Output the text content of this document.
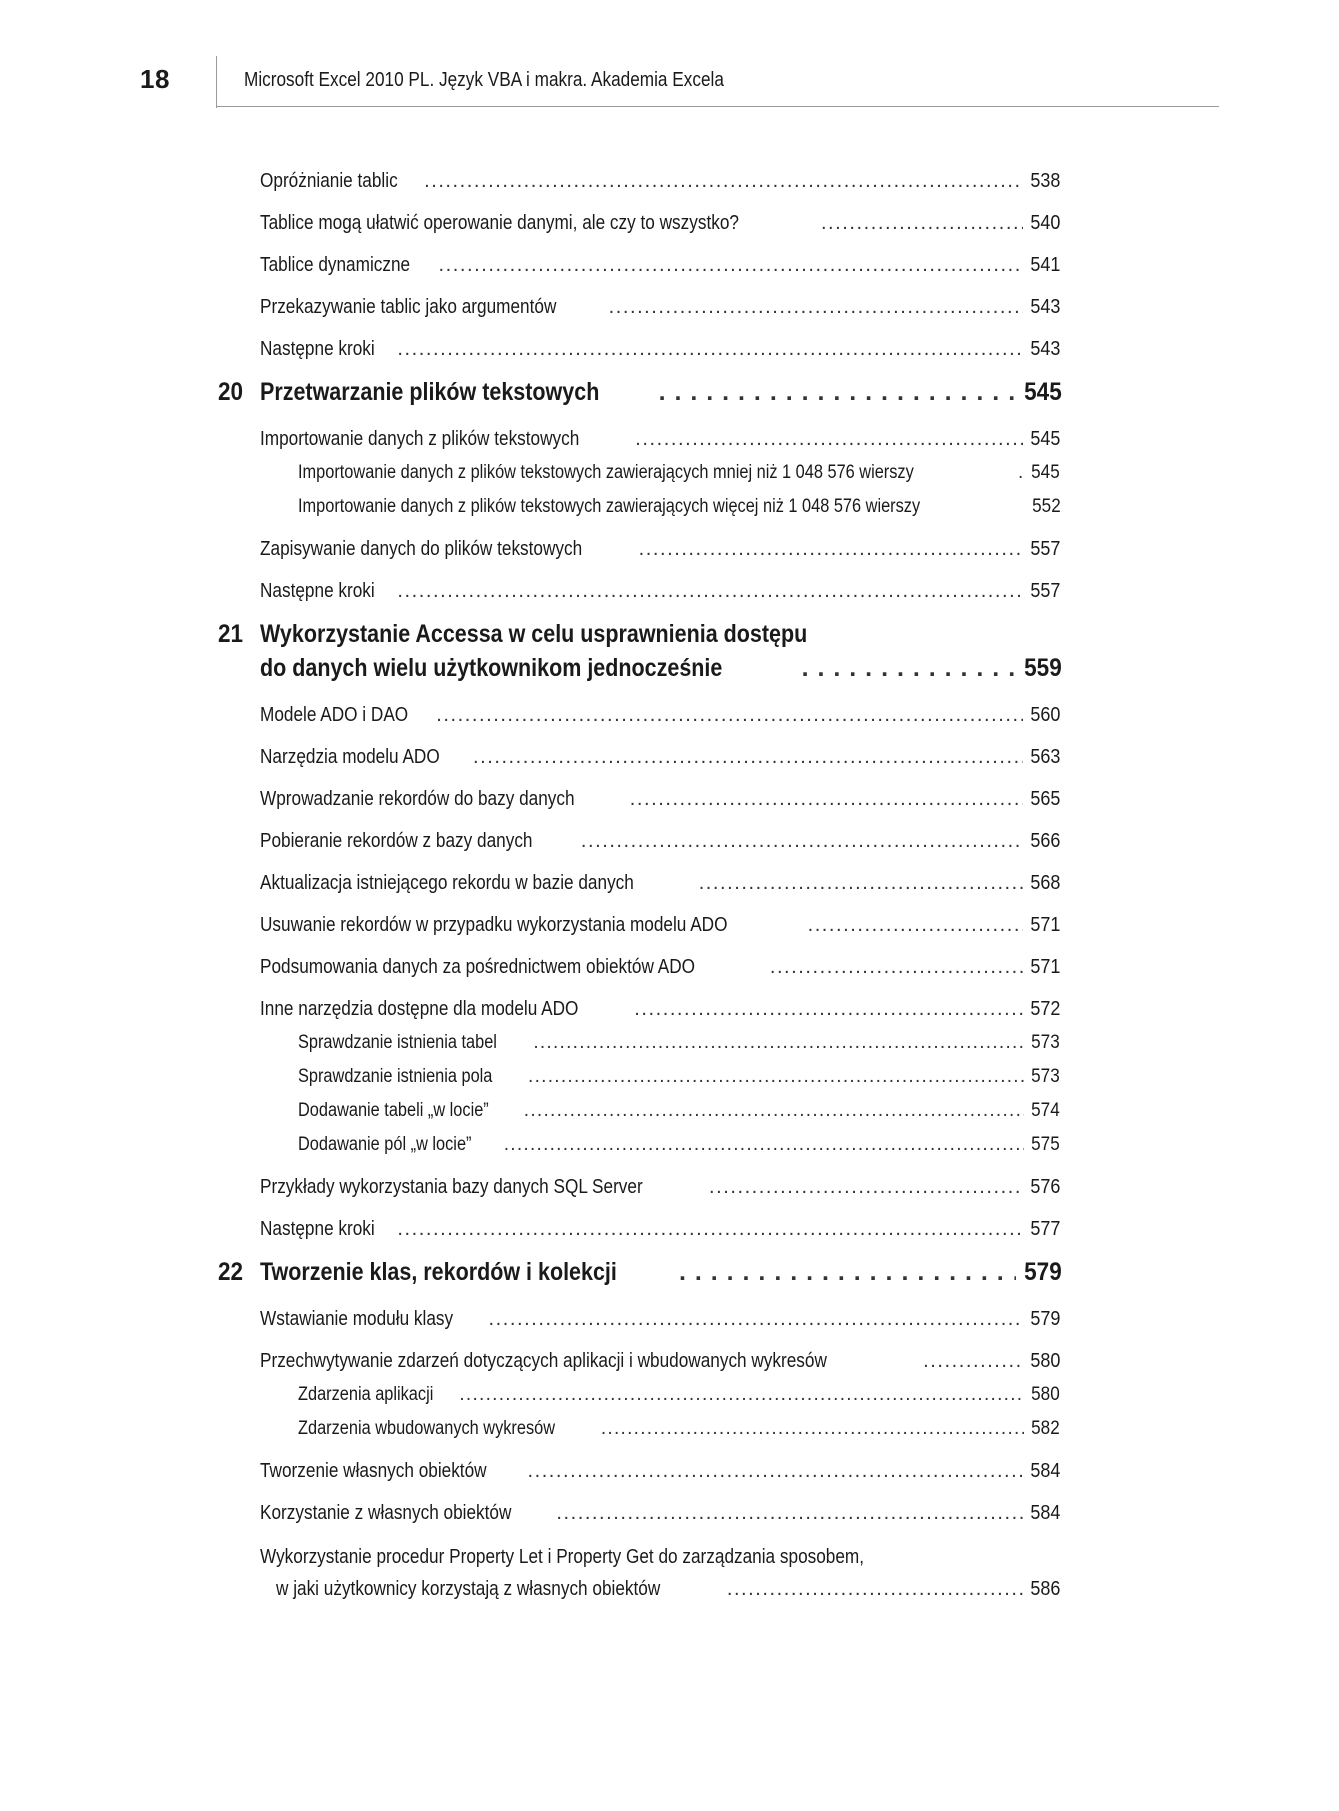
18	Microsoft Excel 2010 PL. Język VBA i makra. Akademia Excela
Opróżnianie tablic . . .	538
Tablice mogą ułatwić operowanie danymi, ale czy to wszystko? . . .	540
Tablice dynamiczne . . .	541
Przekazywanie tablic jako argumentów . . .	543
Następne kroki . . .	543
20 Przetwarzanie plików tekstowych . . .	545
Importowanie danych z plików tekstowych . . .	545
Importowanie danych z plików tekstowych zawierających mniej niż 1 048 576 wierszy . . .	545
Importowanie danych z plików tekstowych zawierających więcej niż 1 048 576 wierszy	552
Zapisywanie danych do plików tekstowych . . .	557
Następne kroki . . .	557
21 Wykorzystanie Accessa w celu usprawnienia dostępu
do danych wielu użytkownikom jednocześnie . . .	559
Modele ADO i DAO . . .	560
Narzędzia modelu ADO . . .	563
Wprowadzanie rekordów do bazy danych . . .	565
Pobieranie rekordów z bazy danych . . .	566
Aktualizacja istniejącego rekordu w bazie danych . . .	568
Usuwanie rekordów w przypadku wykorzystania modelu ADO . . .	571
Podsumowania danych za pośrednictwem obiektów ADO . . .	571
Inne narzędzia dostępne dla modelu ADO . . .	572
Sprawdzanie istnienia tabel . . .	573
Sprawdzanie istnienia pola . . .	573
Dodawanie tabeli „w locie” . . .	574
Dodawanie pól „w locie” . . .	575
Przykłady wykorzystania bazy danych SQL Server . . .	576
Następne kroki . . .	577
22 Tworzenie klas, rekordów i kolekcji . . .	579
Wstawianie modułu klasy . . .	579
Przechwytywanie zdarzeń dotyczących aplikacji i wbudowanych wykresów . . .	580
Zdarzenia aplikacji . . .	580
Zdarzenia wbudowanych wykresów . . .	582
Tworzenie własnych obiektów . . .	584
Korzystanie z własnych obiektów . . .	584
Wykorzystanie procedur Property Let i Property Get do zarządzania sposobem,
w jaki użytkownicy korzystają z własnych obiektów . . .	586
